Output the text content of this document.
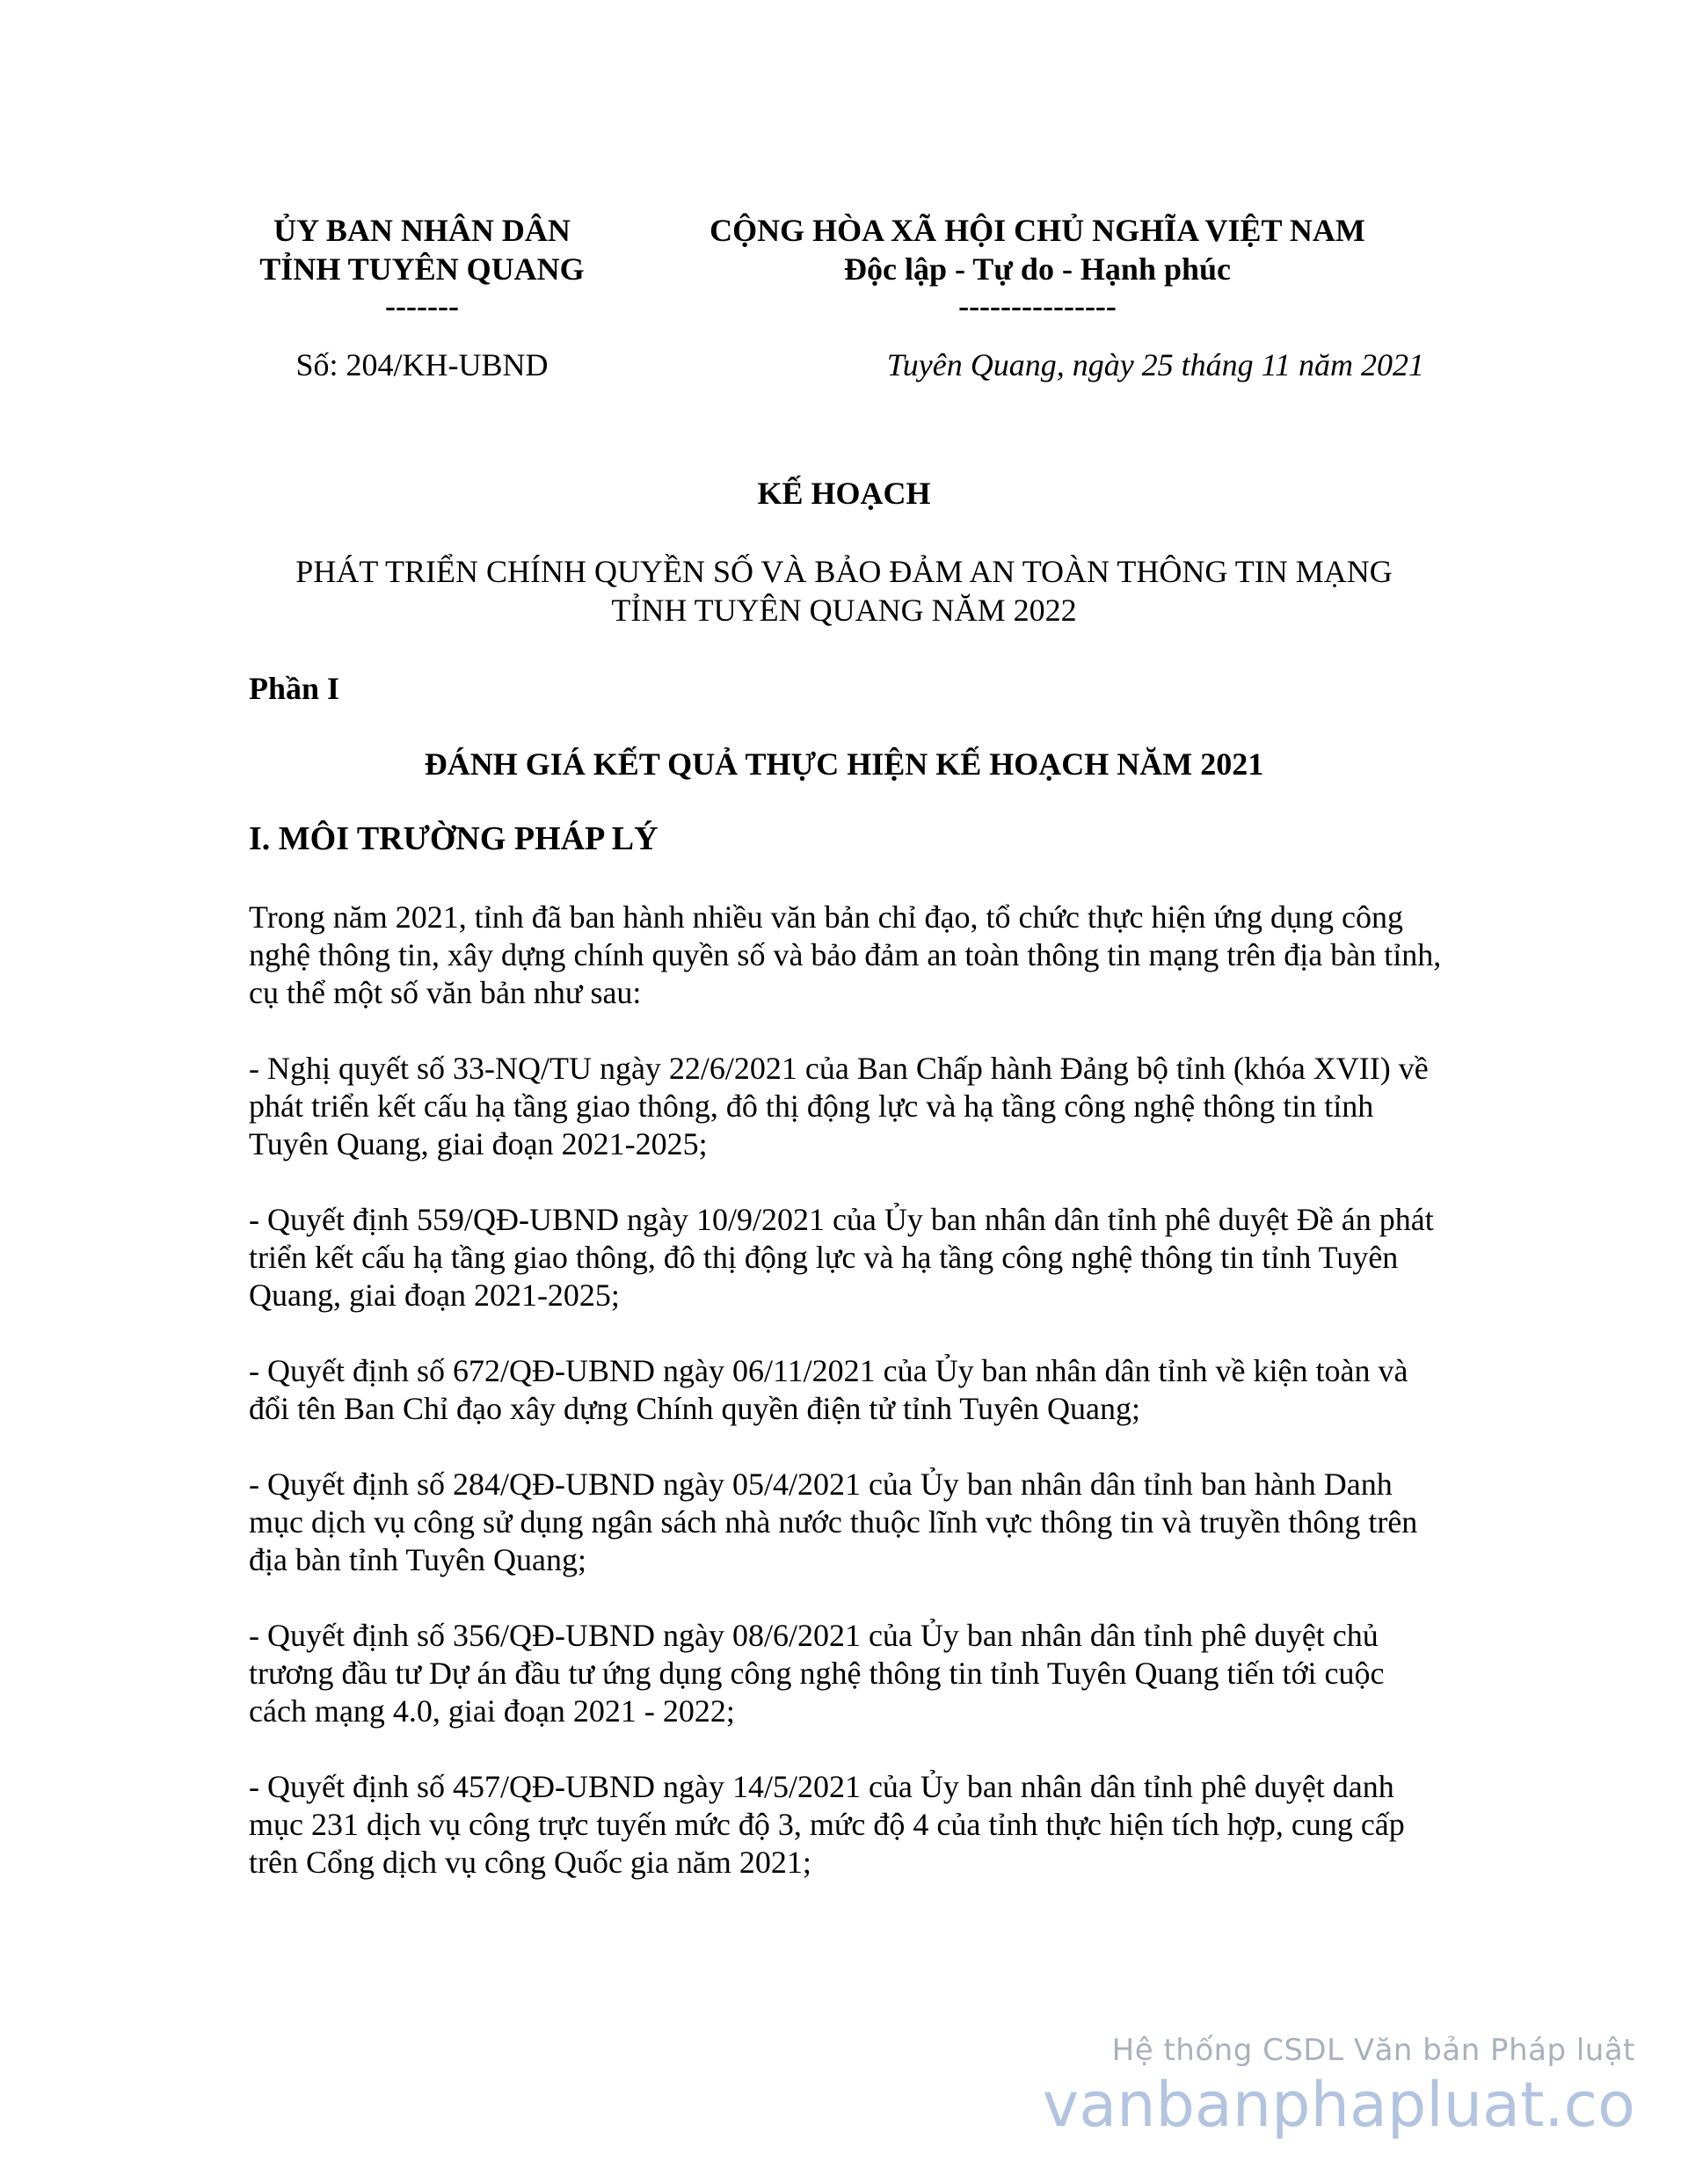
ỦY BAN NHÂN DÂN
TỈNH TUYÊN QUANG
-------
CỘNG HÒA XÃ HỘI CHỦ NGHĨA VIỆT NAM
Độc lập - Tự do - Hạnh phúc
---------------
Số: 204/KH-UBND	Tuyên Quang, ngày 25 tháng 11 năm 2021
KẾ HOẠCH
PHÁT TRIỂN CHÍNH QUYỀN SỐ VÀ BẢO ĐẢM AN TOÀN THÔNG TIN MẠNG
TỈNH TUYÊN QUANG NĂM 2022
Phần I
ĐÁNH GIÁ KẾT QUẢ THỰC HIỆN KẾ HOẠCH NĂM 2021
I. MÔI TRƯỜNG PHÁP LÝ

Trong năm 2021, tỉnh đã ban hành nhiều văn bản chỉ đạo, tổ chức thực hiện ứng dụng công nghệ thông tin, xây dựng chính quyền số và bảo đảm an toàn thông tin mạng trên địa bàn tỉnh, cụ thể một số văn bản như sau:

- Nghị quyết số 33-NQ/TU ngày 22/6/2021 của Ban Chấp hành Đảng bộ tỉnh (khóa XVII) về phát triển kết cấu hạ tầng giao thông, đô thị động lực và hạ tầng công nghệ thông tin tỉnh Tuyên Quang, giai đoạn 2021-2025;

- Quyết định 559/QĐ-UBND ngày 10/9/2021 của Ủy ban nhân dân tỉnh phê duyệt Đề án phát triển kết cấu hạ tầng giao thông, đô thị động lực và hạ tầng công nghệ thông tin tỉnh Tuyên Quang, giai đoạn 2021-2025;

- Quyết định số 672/QĐ-UBND ngày 06/11/2021 của Ủy ban nhân dân tỉnh về kiện toàn và đổi tên Ban Chỉ đạo xây dựng Chính quyền điện tử tỉnh Tuyên Quang;

- Quyết định số 284/QĐ-UBND ngày 05/4/2021 của Ủy ban nhân dân tỉnh ban hành Danh mục dịch vụ công sử dụng ngân sách nhà nước thuộc lĩnh vực thông tin và truyền thông trên địa bàn tỉnh Tuyên Quang;

- Quyết định số 356/QĐ-UBND ngày 08/6/2021 của Ủy ban nhân dân tỉnh phê duyệt chủ trương đầu tư Dự án đầu tư ứng dụng công nghệ thông tin tỉnh Tuyên Quang tiến tới cuộc cách mạng 4.0, giai đoạn 2021 - 2022;

- Quyết định số 457/QĐ-UBND ngày 14/5/2021 của Ủy ban nhân dân tỉnh phê duyệt danh mục 231 dịch vụ công trực tuyến mức độ 3, mức độ 4 của tỉnh thực hiện tích hợp, cung cấp trên Cổng dịch vụ công Quốc gia năm 2021;

Hệ thống CSDL Văn bản Pháp luật
vanbanphapluat.co
